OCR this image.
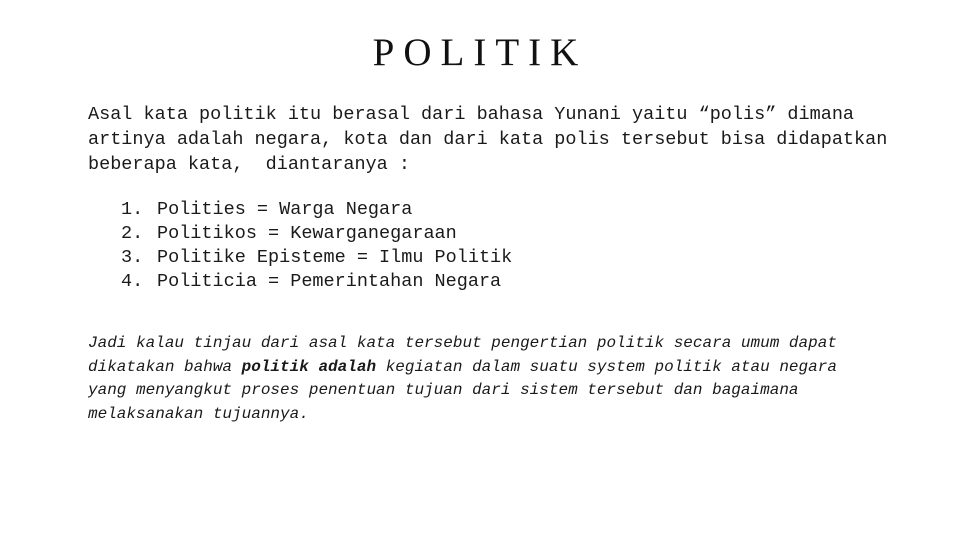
POLITIK

Asal kata politik itu berasal dari bahasa Yunani yaitu “polis” dimana
artinya adalah negara, kota dan dari kata polis tersebut bisa didapatkan
beberapa kata,  diantaranya :

1. Polities = Warga Negara
2. Politikos = Kewarganegaraan
3. Politike Episteme = Ilmu Politik
4. Politicia = Pemerintahan Negara

Jadi kalau tinjau dari asal kata tersebut pengertian politik secara umum dapat
dikatakan bahwa politik adalah kegiatan dalam suatu system politik atau negara
yang menyangkut proses penentuan tujuan dari sistem tersebut dan bagaimana
melaksanakan tujuannya.
